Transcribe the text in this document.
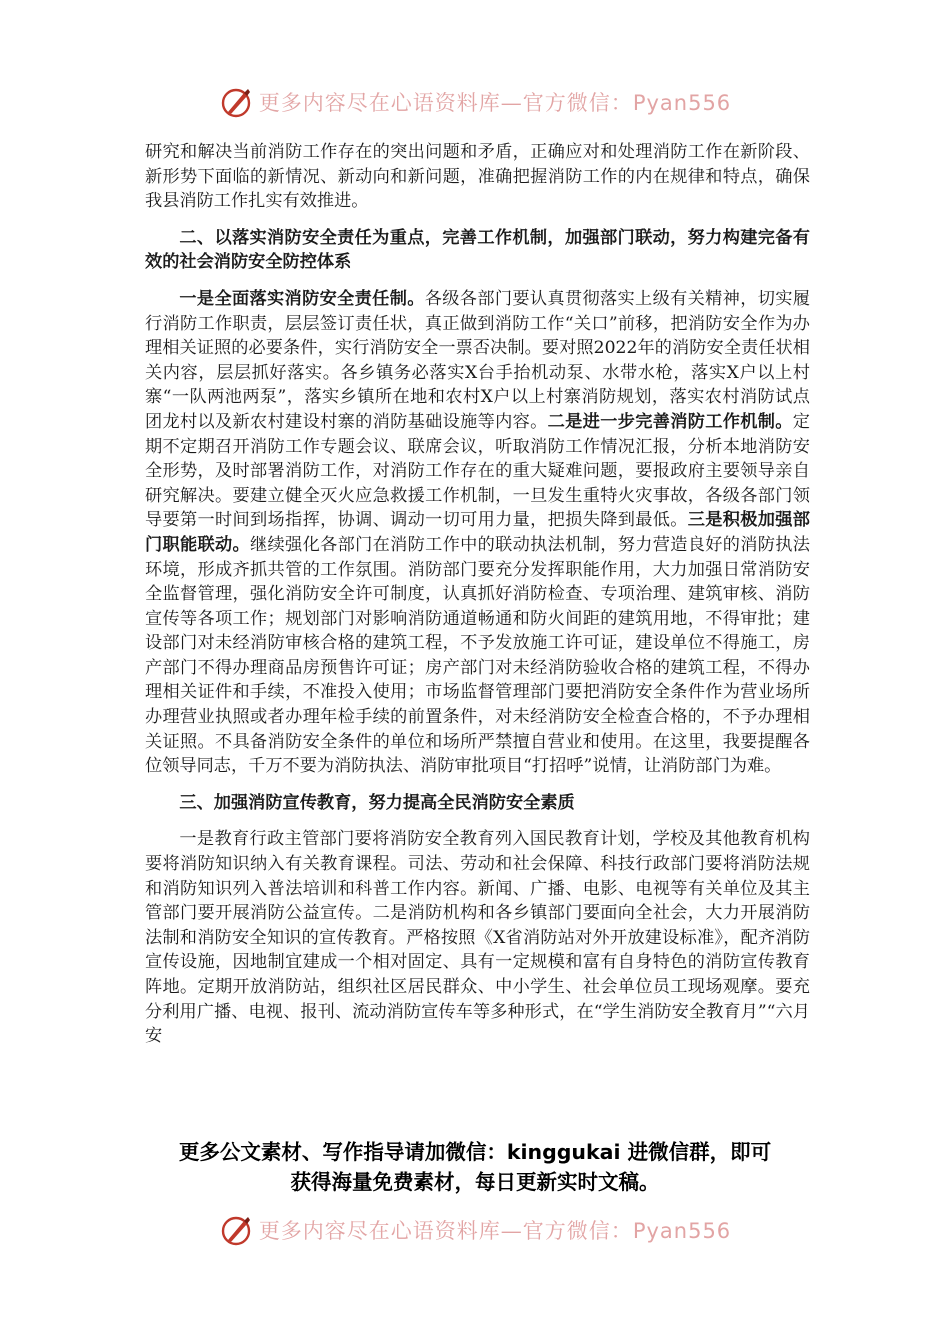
更多内容尽在心语资料库—官方微信：Pyan556

研究和解决当前消防工作存在的突出问题和矛盾，正确应对和处理消防工作在新阶段、新形势下面临的新情况、新动向和新问题，准确把握消防工作的内在规律和特点，确保我县消防工作扎实有效推进。

二、以落实消防安全责任为重点，完善工作机制，加强部门联动，努力构建完备有效的社会消防安全防控体系

一是全面落实消防安全责任制。各级各部门要认真贯彻落实上级有关精神，切实履行消防工作职责，层层签订责任状，真正做到消防工作“关口”前移，把消防安全作为办理相关证照的必要条件，实行消防安全一票否决制。要对照2022年的消防安全责任状相关内容，层层抓好落实。各乡镇务必落实X台手抬机动泵、水带水枪，落实X户以上村寨“一队两池两泵”，落实乡镇所在地和农村X户以上村寨消防规划，落实农村消防试点团龙村以及新农村建设村寨的消防基础设施等内容。二是进一步完善消防工作机制。定期不定期召开消防工作专题会议、联席会议，听取消防工作情况汇报，分析本地消防安全形势，及时部署消防工作，对消防工作存在的重大疑难问题，要报政府主要领导亲自研究解决。要建立健全灭火应急救援工作机制，一旦发生重特火灾事故，各级各部门领导要第一时间到场指挥，协调、调动一切可用力量，把损失降到最低。三是积极加强部门职能联动。继续强化各部门在消防工作中的联动执法机制，努力营造良好的消防执法环境，形成齐抓共管的工作氛围。消防部门要充分发挥职能作用，大力加强日常消防安全监督管理，强化消防安全许可制度，认真抓好消防检查、专项治理、建筑审核、消防宣传等各项工作；规划部门对影响消防通道畅通和防火间距的建筑用地，不得审批；建设部门对未经消防审核合格的建筑工程，不予发放施工许可证，建设单位不得施工，房产部门不得办理商品房预售许可证；房产部门对未经消防验收合格的建筑工程，不得办理相关证件和手续，不准投入使用；市场监督管理部门要把消防安全条件作为营业场所办理营业执照或者办理年检手续的前置条件，对未经消防安全检查合格的，不予办理相关证照。不具备消防安全条件的单位和场所严禁擅自营业和使用。在这里，我要提醒各位领导同志，千万不要为消防执法、消防审批项目“打招呼”说情，让消防部门为难。

三、加强消防宣传教育，努力提高全民消防安全素质

一是教育行政主管部门要将消防安全教育列入国民教育计划，学校及其他教育机构要将消防知识纳入有关教育课程。司法、劳动和社会保障、科技行政部门要将消防法规和消防知识列入普法培训和科普工作内容。新闻、广播、电影、电视等有关单位及其主管部门要开展消防公益宣传。二是消防机构和各乡镇部门要面向全社会，大力开展消防法制和消防安全知识的宣传教育。严格按照《X省消防站对外开放建设标准》，配齐消防宣传设施，因地制宜建成一个相对固定、具有一定规模和富有自身特色的消防宣传教育阵地。定期开放消防站，组织社区居民群众、中小学生、社会单位员工现场观摩。要充分利用广播、电视、报刊、流动消防宣传车等多种形式，在“学生消防安全教育月”“六月安

更多公文素材、写作指导请加微信：kinggukai 进微信群，即可
获得海量免费素材，每日更新实时文稿。
更多内容尽在心语资料库—官方微信：Pyan556
